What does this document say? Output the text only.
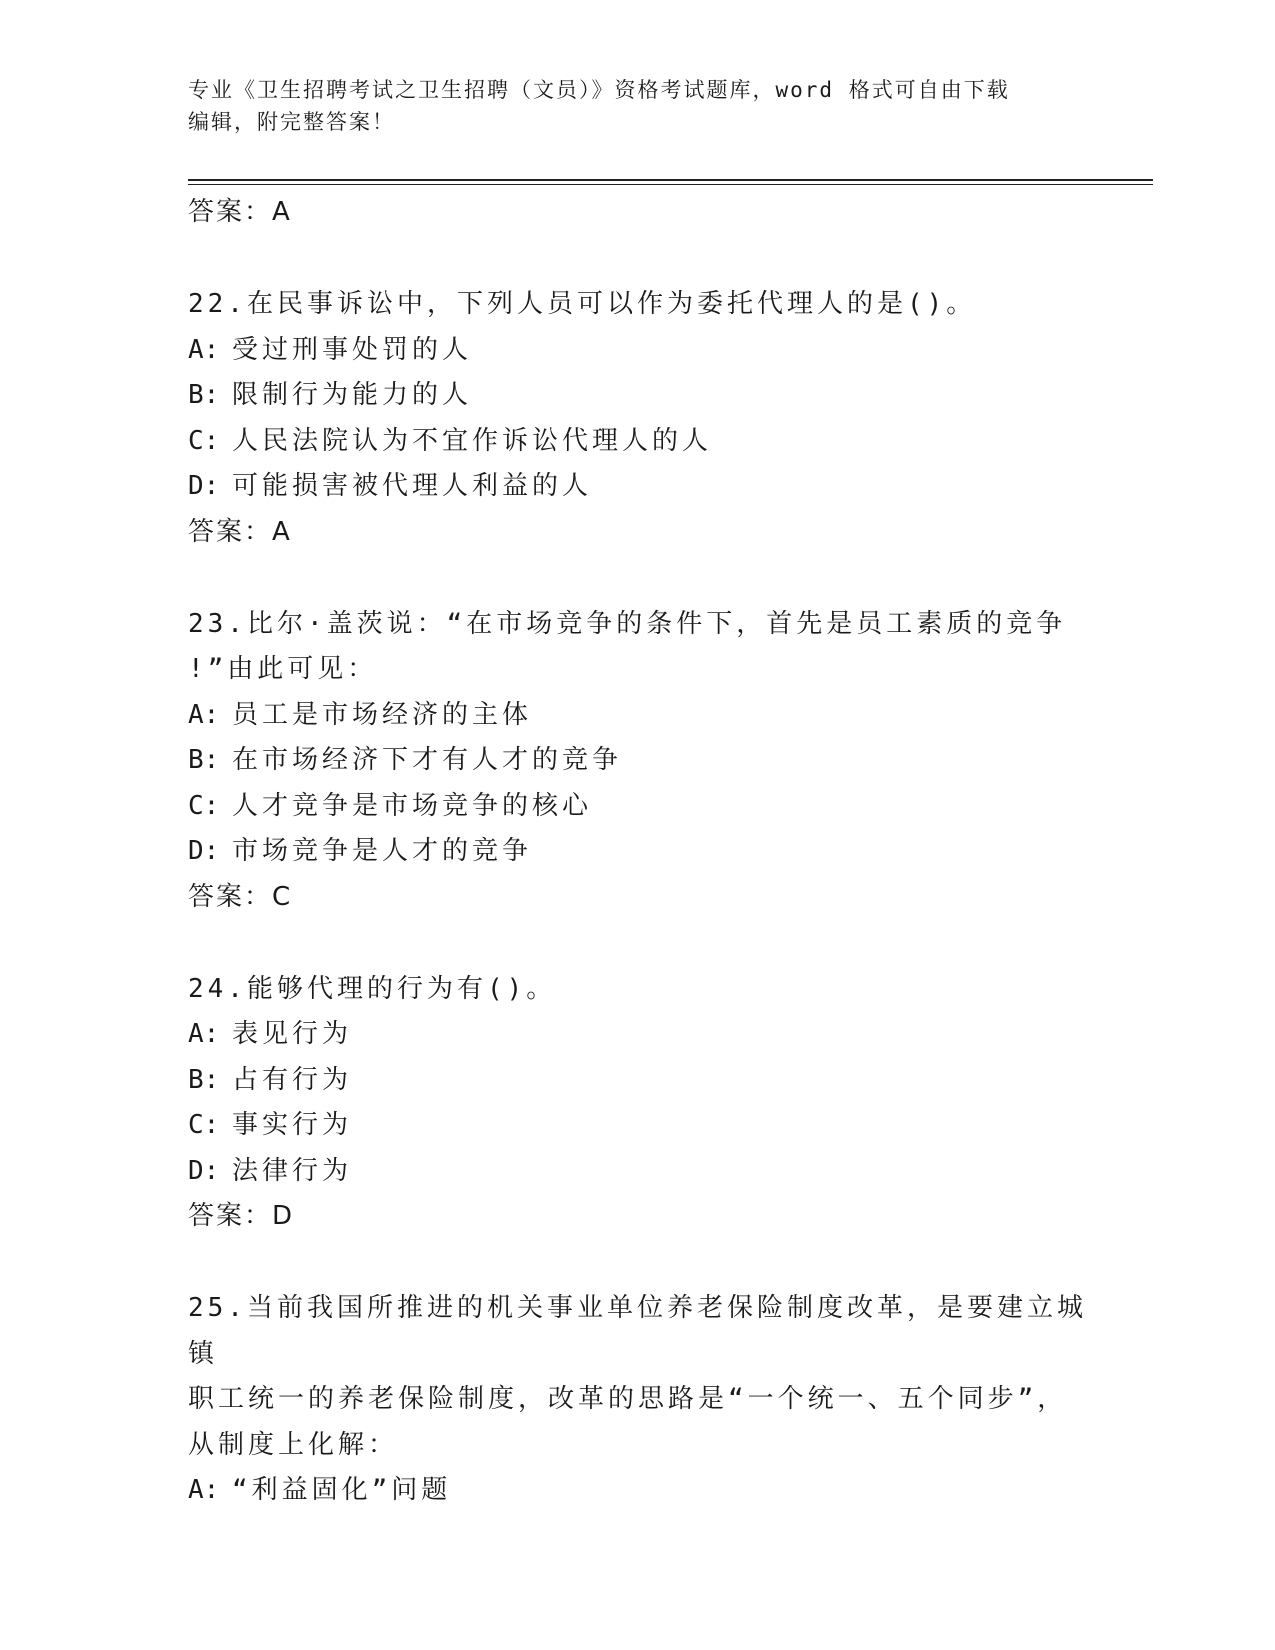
专业《卫生招聘考试之卫生招聘（文员）》资格考试题库，word 格式可自由下载
编辑，附完整答案！
答案：A
22.在民事诉讼中，下列人员可以作为委托代理人的是()。
A: 受过刑事处罚的人
B: 限制行为能力的人
C: 人民法院认为不宜作诉讼代理人的人
D: 可能损害被代理人利益的人
答案：A
23.比尔·盖茨说：“在市场竞争的条件下，首先是员工素质的竞争
!”由此可见：
A: 员工是市场经济的主体
B: 在市场经济下才有人才的竞争
C: 人才竞争是市场竞争的核心
D: 市场竞争是人才的竞争
答案：C
24.能够代理的行为有()。
A: 表见行为
B: 占有行为
C: 事实行为
D: 法律行为
答案：D
25.当前我国所推进的机关事业单位养老保险制度改革，是要建立城镇
职工统一的养老保险制度，改革的思路是“一个统一、五个同步”，
从制度上化解：
A: “利益固化”问题
